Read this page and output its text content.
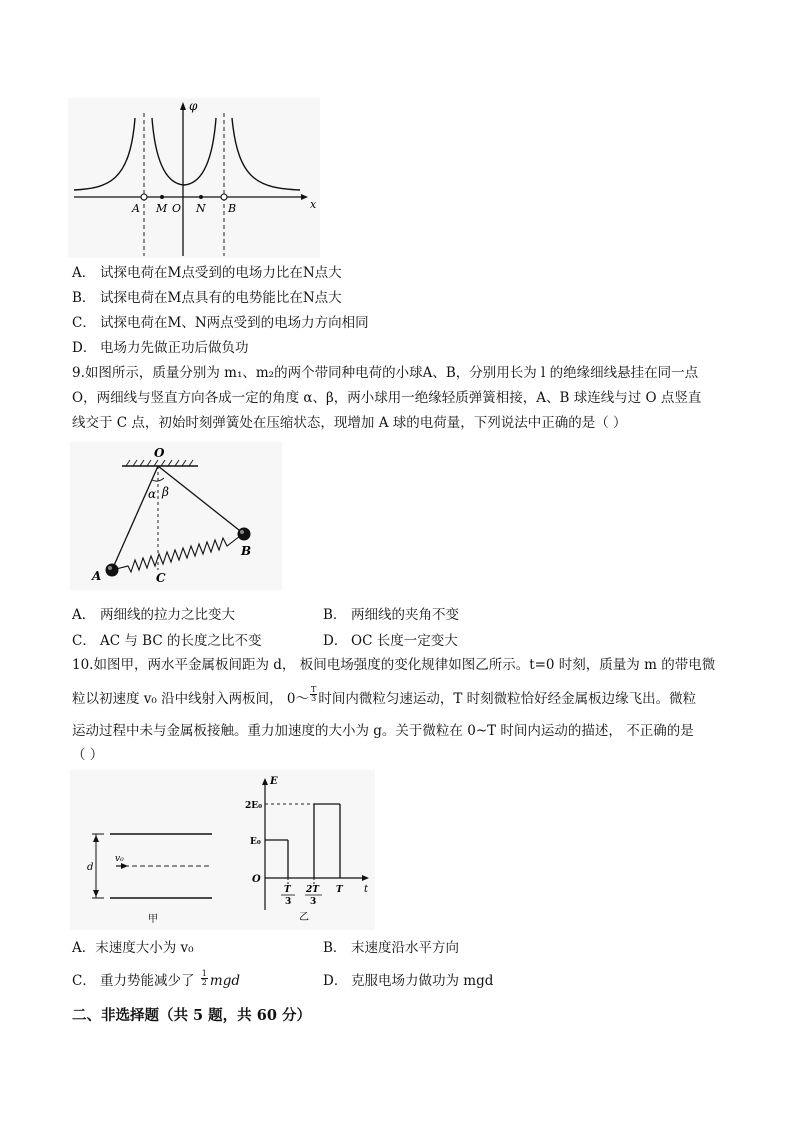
x
φ
A M O N B
A． 试探电荷在M点受到的电场力比在N点大
B． 试探电荷在M点具有的电势能比在N点大
C． 试探电荷在M、N两点受到的电场力方向相同
D． 电场力先做正功后做负功
9.如图所示，质量分别为 m₁、m₂的两个带同种电荷的小球A、B，分别用长为 l 的绝缘细线悬挂在同一点
O，两细线与竖直方向各成一定的角度 α、β，两小球用一绝缘轻质弹簧相接，A、B 球连线与过 O 点竖直
线交于 C 点，初始时刻弹簧处在压缩状态，现增加 A 球的电荷量，下列说法中正确的是（ ）
O
α β
A
B
C
A． 两细线的拉力之比变大	B． 两细线的夹角不变
C． AC 与 BC 的长度之比不变	D． OC 长度一定变大
10.如图甲，两水平金属板间距为 d， 板间电场强度的变化规律如图乙所示。t=0 时刻，质量为 m 的带电微
粒以初速度 v₀ 沿中线射入两板间， 0～ $\frac{T}{3}$ 时间内微粒匀速运动，T 时刻微粒恰好经金属板边缘飞出。微粒
运动过程中未与金属板接触。重力加速度的大小为 g。关于微粒在 0~T 时间内运动的描述， 不正确的是
（ ）
v₀
d
甲
t
E
O
2E₀
E₀
T
3
2T
3
T
乙
A．末速度大小为 v₀	B． 末速度沿水平方向
C． 重力势能减少了 $\frac{1}{2}$ mgd	D． 克服电场力做功为 mgd
二、非选择题（共 5 题，共 60 分）
